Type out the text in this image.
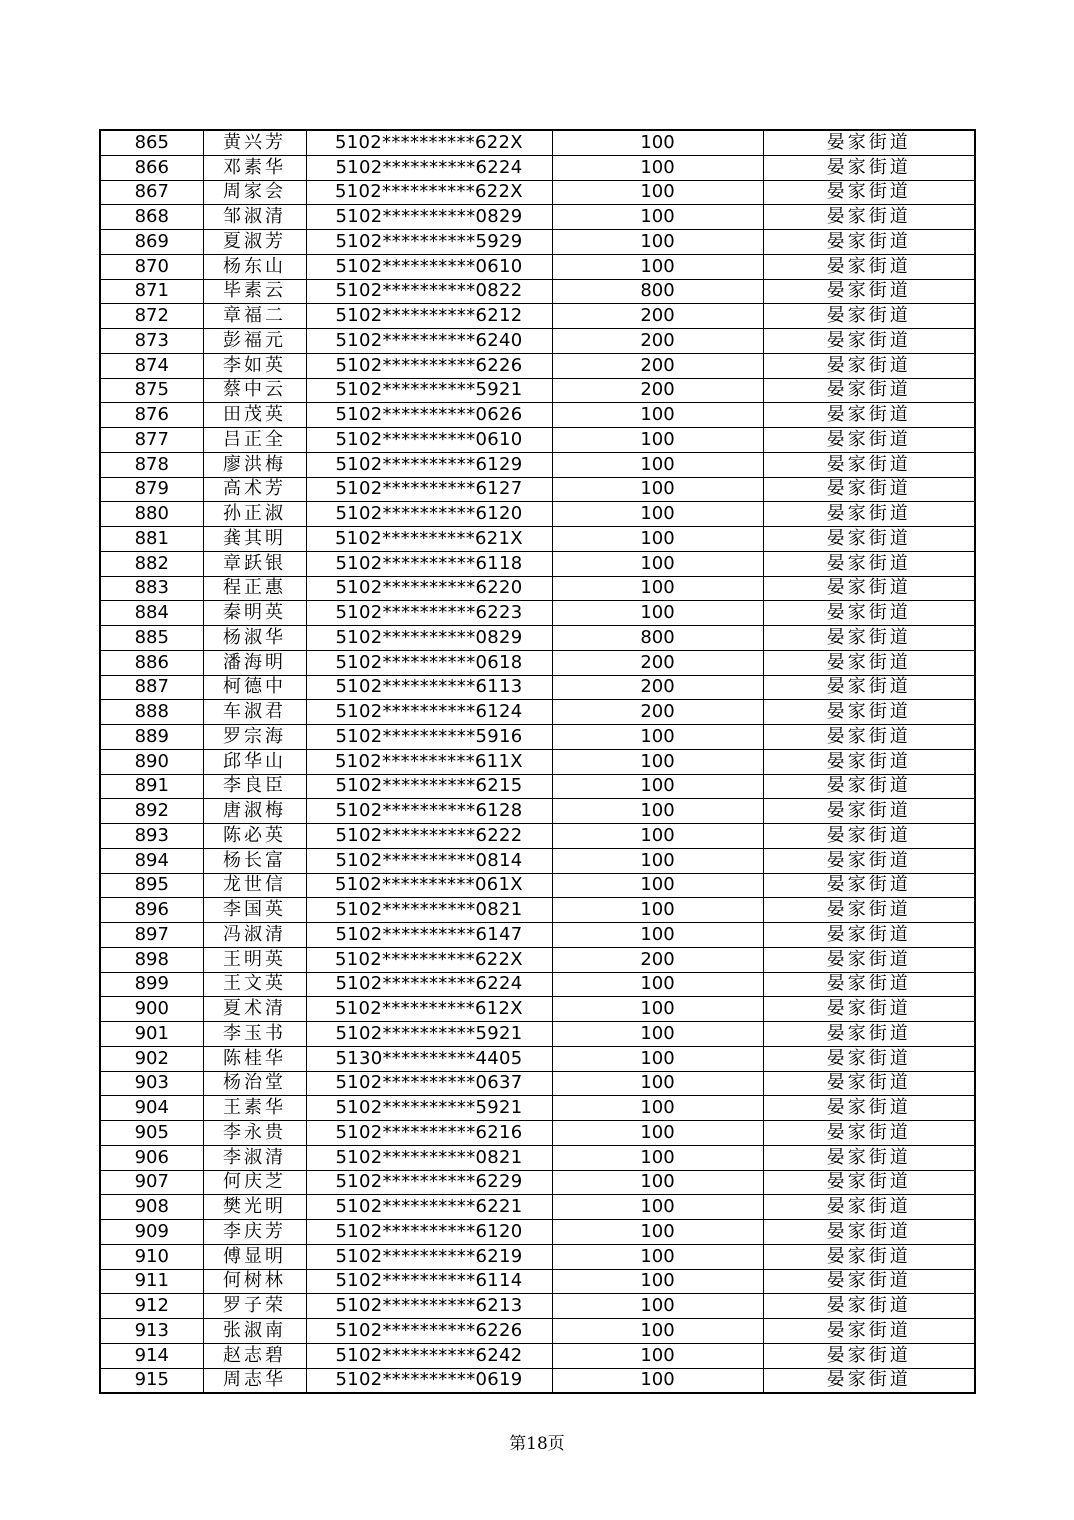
865	黄兴芳	5102**********622X	100	晏家街道
866	邓素华	5102**********6224	100	晏家街道
867	周家会	5102**********622X	100	晏家街道
868	邹淑清	5102**********0829	100	晏家街道
869	夏淑芳	5102**********5929	100	晏家街道
870	杨东山	5102**********0610	100	晏家街道
871	毕素云	5102**********0822	800	晏家街道
872	章福二	5102**********6212	200	晏家街道
873	彭福元	5102**********6240	200	晏家街道
874	李如英	5102**********6226	200	晏家街道
875	蔡中云	5102**********5921	200	晏家街道
876	田茂英	5102**********0626	100	晏家街道
877	吕正全	5102**********0610	100	晏家街道
878	廖洪梅	5102**********6129	100	晏家街道
879	高术芳	5102**********6127	100	晏家街道
880	孙正淑	5102**********6120	100	晏家街道
881	龚其明	5102**********621X	100	晏家街道
882	章跃银	5102**********6118	100	晏家街道
883	程正惠	5102**********6220	100	晏家街道
884	秦明英	5102**********6223	100	晏家街道
885	杨淑华	5102**********0829	800	晏家街道
886	潘海明	5102**********0618	200	晏家街道
887	柯德中	5102**********6113	200	晏家街道
888	车淑君	5102**********6124	200	晏家街道
889	罗宗海	5102**********5916	100	晏家街道
890	邱华山	5102**********611X	100	晏家街道
891	李良臣	5102**********6215	100	晏家街道
892	唐淑梅	5102**********6128	100	晏家街道
893	陈必英	5102**********6222	100	晏家街道
894	杨长富	5102**********0814	100	晏家街道
895	龙世信	5102**********061X	100	晏家街道
896	李国英	5102**********0821	100	晏家街道
897	冯淑清	5102**********6147	100	晏家街道
898	王明英	5102**********622X	200	晏家街道
899	王文英	5102**********6224	100	晏家街道
900	夏术清	5102**********612X	100	晏家街道
901	李玉书	5102**********5921	100	晏家街道
902	陈桂华	5130**********4405	100	晏家街道
903	杨治堂	5102**********0637	100	晏家街道
904	王素华	5102**********5921	100	晏家街道
905	李永贵	5102**********6216	100	晏家街道
906	李淑清	5102**********0821	100	晏家街道
907	何庆芝	5102**********6229	100	晏家街道
908	樊光明	5102**********6221	100	晏家街道
909	李庆芳	5102**********6120	100	晏家街道
910	傅显明	5102**********6219	100	晏家街道
911	何树林	5102**********6114	100	晏家街道
912	罗子荣	5102**********6213	100	晏家街道
913	张淑南	5102**********6226	100	晏家街道
914	赵志碧	5102**********6242	100	晏家街道
915	周志华	5102**********0619	100	晏家街道
第18页
